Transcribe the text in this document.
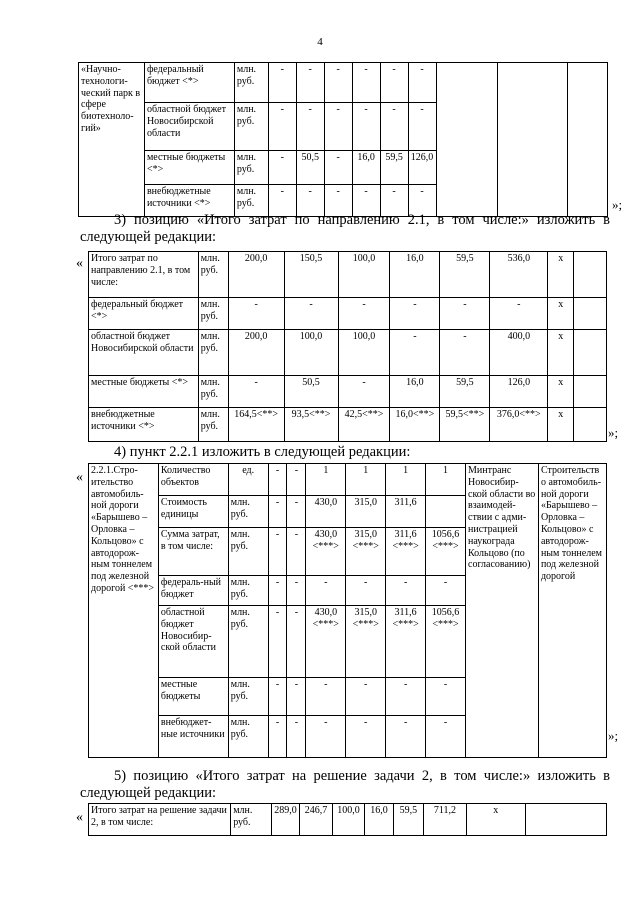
4
«Научно-технологи-ческий парк в сфере биотехноло-гий»	федеральный бюджет <*>	млн. руб.	-	-	-	-	-	-			
	областной бюджет Новосибирской области	млн. руб.	-	-	-	-	-	-			
	местные бюджеты <*>	млн. руб.	-	50,5	-	16,0	59,5	126,0			
	внебюджетные источники <*>	млн. руб.	-	-	-	-	-	-			
»;
3) позицию «Итого затрат по направлению 2.1, в том числе:» изложить в следующей редакции:
« Итого затрат по направлению 2.1, в том числе:	млн. руб.	200,0	150,5	100,0	16,0	59,5	536,0	х	
федеральный бюджет <*>	млн. руб.	-	-	-	-	-	-	х	
областной бюджет Новосибирской области	млн. руб.	200,0	100,0	100,0	-	-	400,0	х	
местные бюджеты <*>	млн. руб.	-	50,5	-	16,0	59,5	126,0	х	
внебюджетные источники <*>	млн. руб.	164,5<**>	93,5<**>	42,5<**>	16,0<**>	59,5<**>	376,0<**>	х	
»;
4) пункт 2.2.1 изложить в следующей редакции:
« 2.2.1.Стро-ительство автомобиль-ной дороги «Барышево – Орловка – Кольцово» с автодорож-ным тоннелем под железной дорогой <***>	Количество объектов	ед.	-	-	1	1	1	1	Минтранс Новосибир-ской области во взаимодей-ствии с адми-нистрацией наукограда Кольцово (по согласованию)	Строительств о автомобиль-ной дороги «Барышево – Орловка – Кольцово» с автодорож-ным тоннелем под железной дорогой
	Стоимость единицы	млн. руб.	-	-	430,0	315,0	311,6			
	Сумма затрат, в том числе:	млн. руб.	-	-	430,0 <***>	315,0 <***>	311,6 <***>	1056,6 <***>		
	федераль-ный бюджет	млн. руб.	-	-	-	-	-	-		
	областной бюджет Новосибир-ской области	млн. руб.	-	-	430,0 <***>	315,0 <***>	311,6 <***>	1056,6 <***>		
	местные бюджеты	млн. руб.	-	-	-	-	-	-		
	внебюджет-ные источники	млн. руб.	-	-	-	-	-	-		
»;
5) позицию «Итого затрат на решение задачи 2, в том числе:» изложить в следующей редакции:
« Итого затрат на решение задачи 2, в том числе:	млн. руб.	289,0	246,7	100,0	16,0	59,5	711,2	х	
